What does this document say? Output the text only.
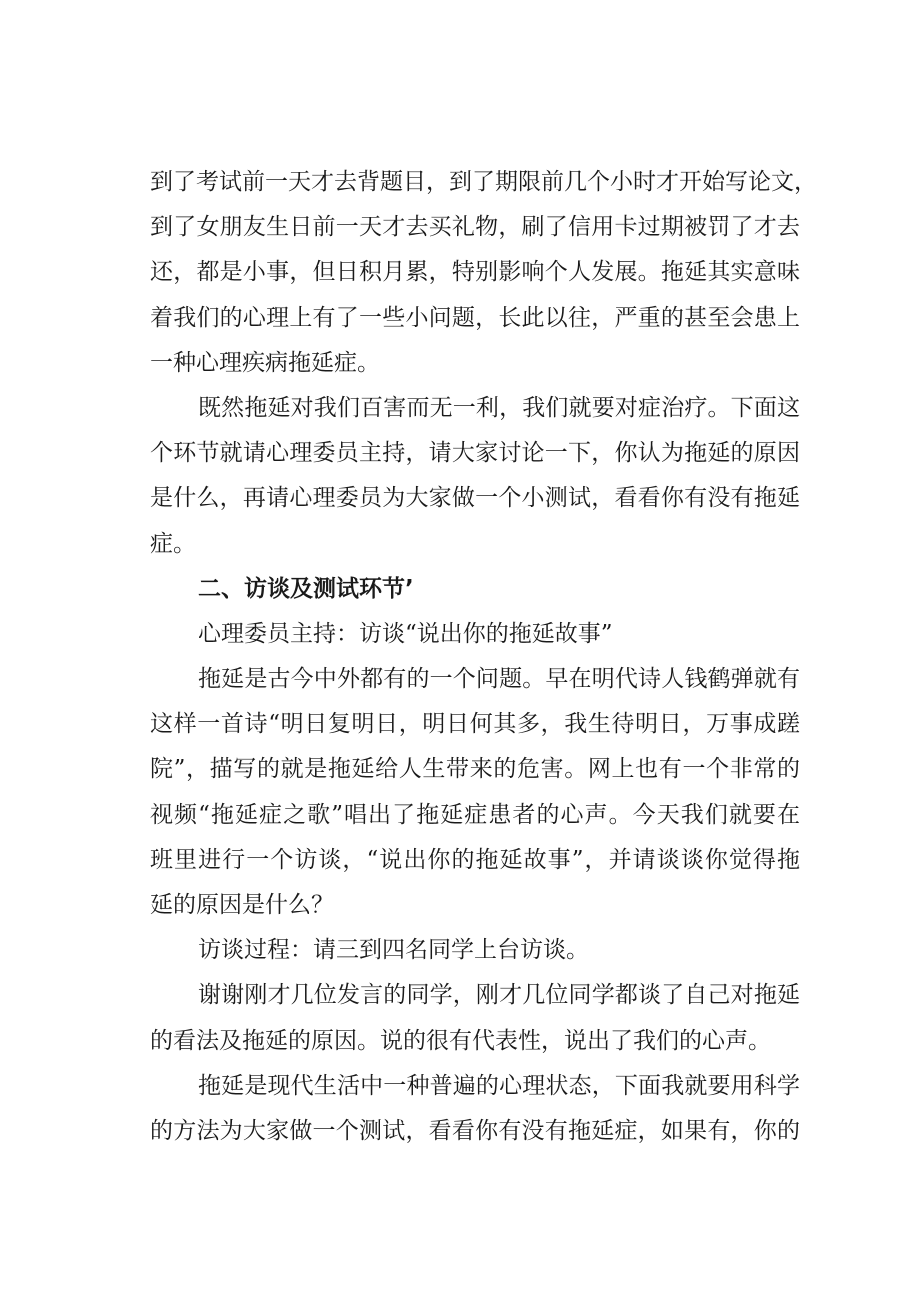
到了考试前一天才去背题目，到了期限前几个小时才开始写论文，
到了女朋友生日前一天才去买礼物，刷了信用卡过期被罚了才去
还，都是小事，但日积月累，特别影响个人发展。拖延其实意味
着我们的心理上有了一些小问题，长此以往，严重的甚至会患上
一种心理疾病拖延症。
既然拖延对我们百害而无一利，我们就要对症治疗。下面这
个环节就请心理委员主持，请大家讨论一下，你认为拖延的原因
是什么，再请心理委员为大家做一个小测试，看看你有没有拖延
症。
二、访谈及测试环节’
心理委员主持：访谈“说出你的拖延故事”
拖延是古今中外都有的一个问题。早在明代诗人钱鹤弹就有
这样一首诗“明日复明日，明日何其多，我生待明日，万事成蹉
院”，描写的就是拖延给人生带来的危害。网上也有一个非常的
视频“拖延症之歌”唱出了拖延症患者的心声。今天我们就要在
班里进行一个访谈，“说出你的拖延故事”，并请谈谈你觉得拖
延的原因是什么？
访谈过程：请三到四名同学上台访谈。
谢谢刚才几位发言的同学，刚才几位同学都谈了自己对拖延
的看法及拖延的原因。说的很有代表性，说出了我们的心声。
拖延是现代生活中一种普遍的心理状态，下面我就要用科学
的方法为大家做一个测试，看看你有没有拖延症，如果有，你的
